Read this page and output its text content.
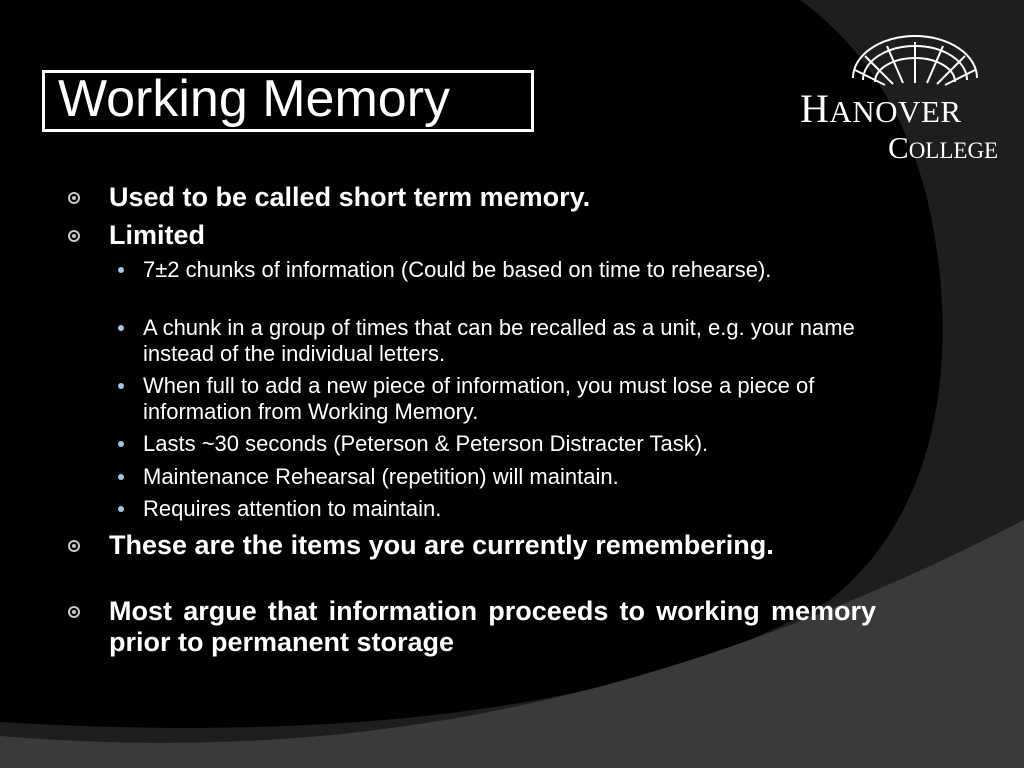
Working Memory	HANOVER
COLLEGE
Used to be called short term memory.
Limited
7±2 chunks of information (Could be based on time to rehearse).
A chunk in a group of times that can be recalled as a unit, e.g. your name instead of the individual letters.
When full to add a new piece of information, you must lose a piece of information from Working Memory.
Lasts ~30 seconds (Peterson & Peterson Distracter Task).
Maintenance Rehearsal (repetition) will maintain.
Requires attention to maintain.
These are the items you are currently remembering.
Most argue that information proceeds to working memory prior to permanent storage
